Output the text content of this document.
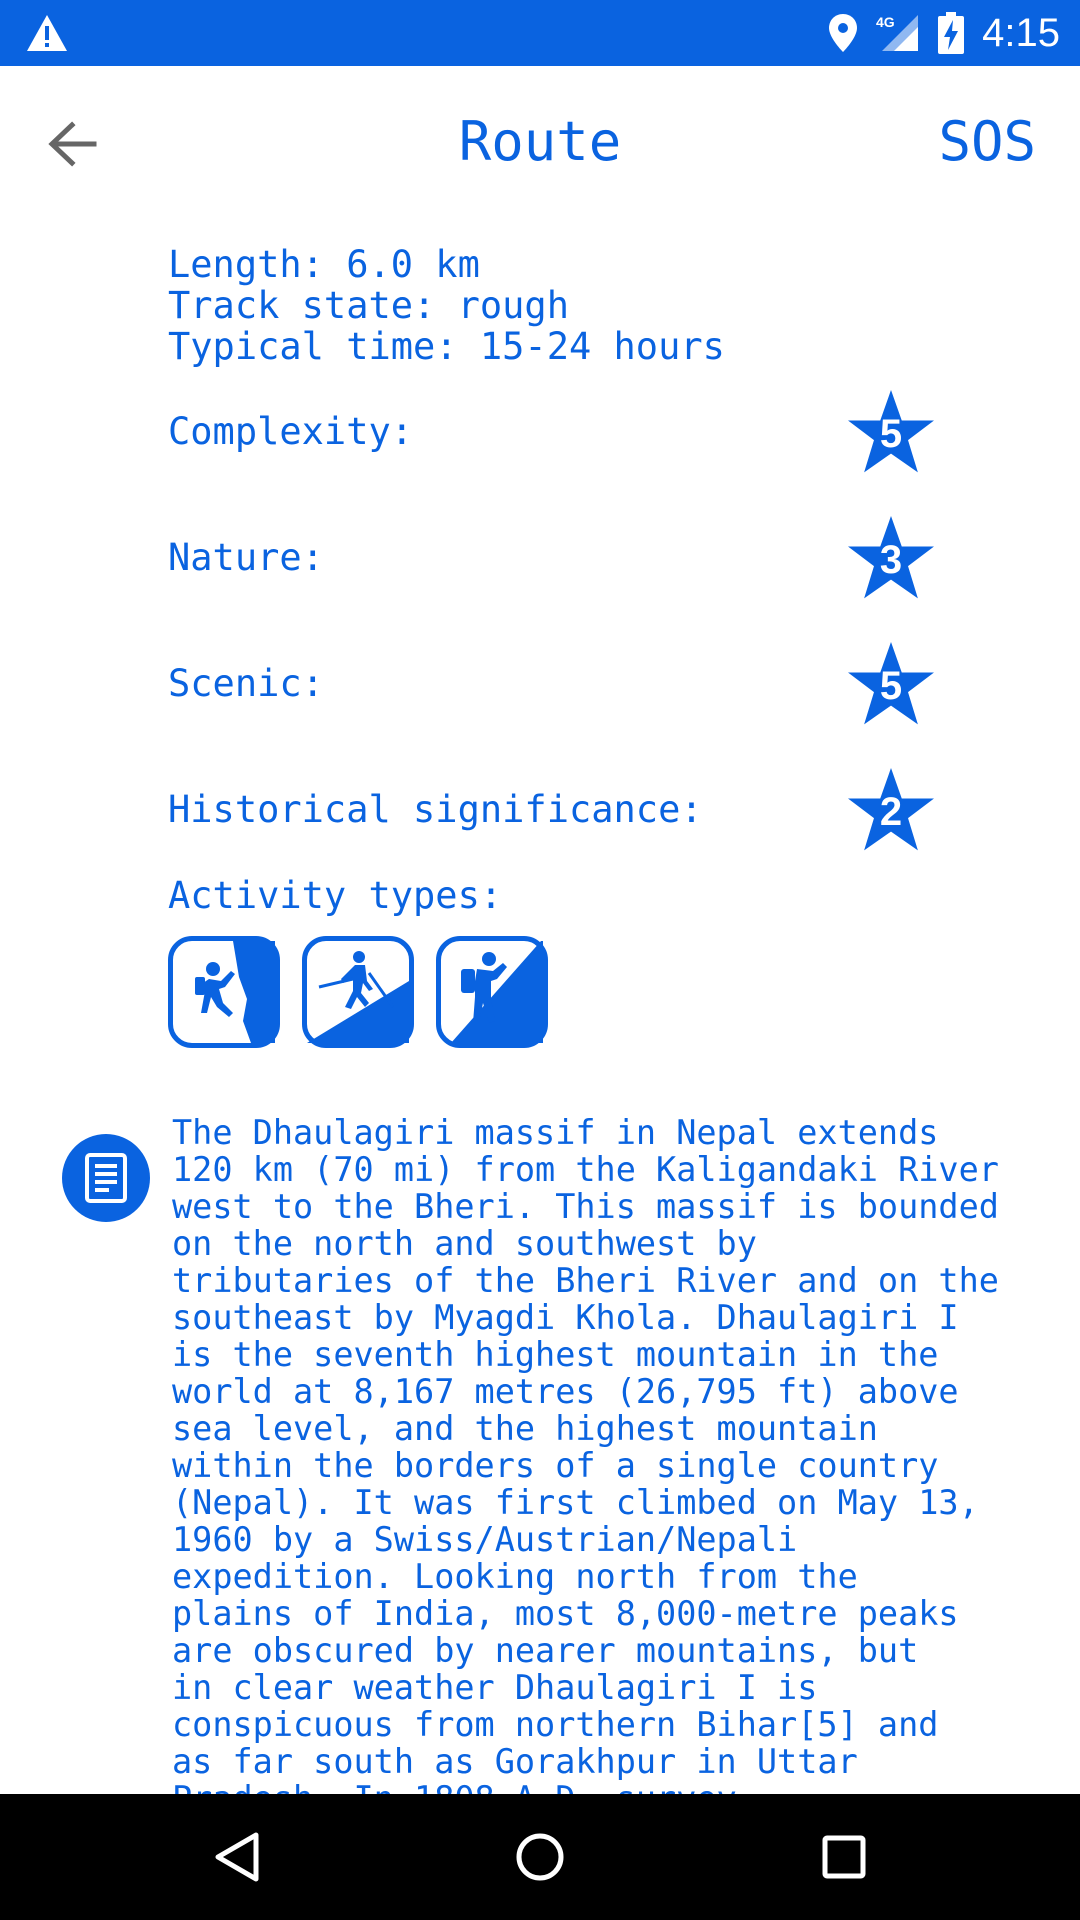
4G 4:15
Route	SOS
Length: 6.0 km
Track state: rough
Typical time: 15-24 hours
Complexity:	5
Nature:	3
Scenic:	5
Historical significance:	2
Activity types:
The Dhaulagiri massif in Nepal extends
120 km (70 mi) from the Kaligandaki River
west to the Bheri. This massif is bounded
on the north and southwest by
tributaries of the Bheri River and on the
southeast by Myagdi Khola. Dhaulagiri I
is the seventh highest mountain in the
world at 8,167 metres (26,795 ft) above
sea level, and the highest mountain
within the borders of a single country
(Nepal). It was first climbed on May 13,
1960 by a Swiss/Austrian/Nepali
expedition. Looking north from the
plains of India, most 8,000-metre peaks
are obscured by nearer mountains, but
in clear weather Dhaulagiri I is
conspicuous from northern Bihar[5] and
as far south as Gorakhpur in Uttar
